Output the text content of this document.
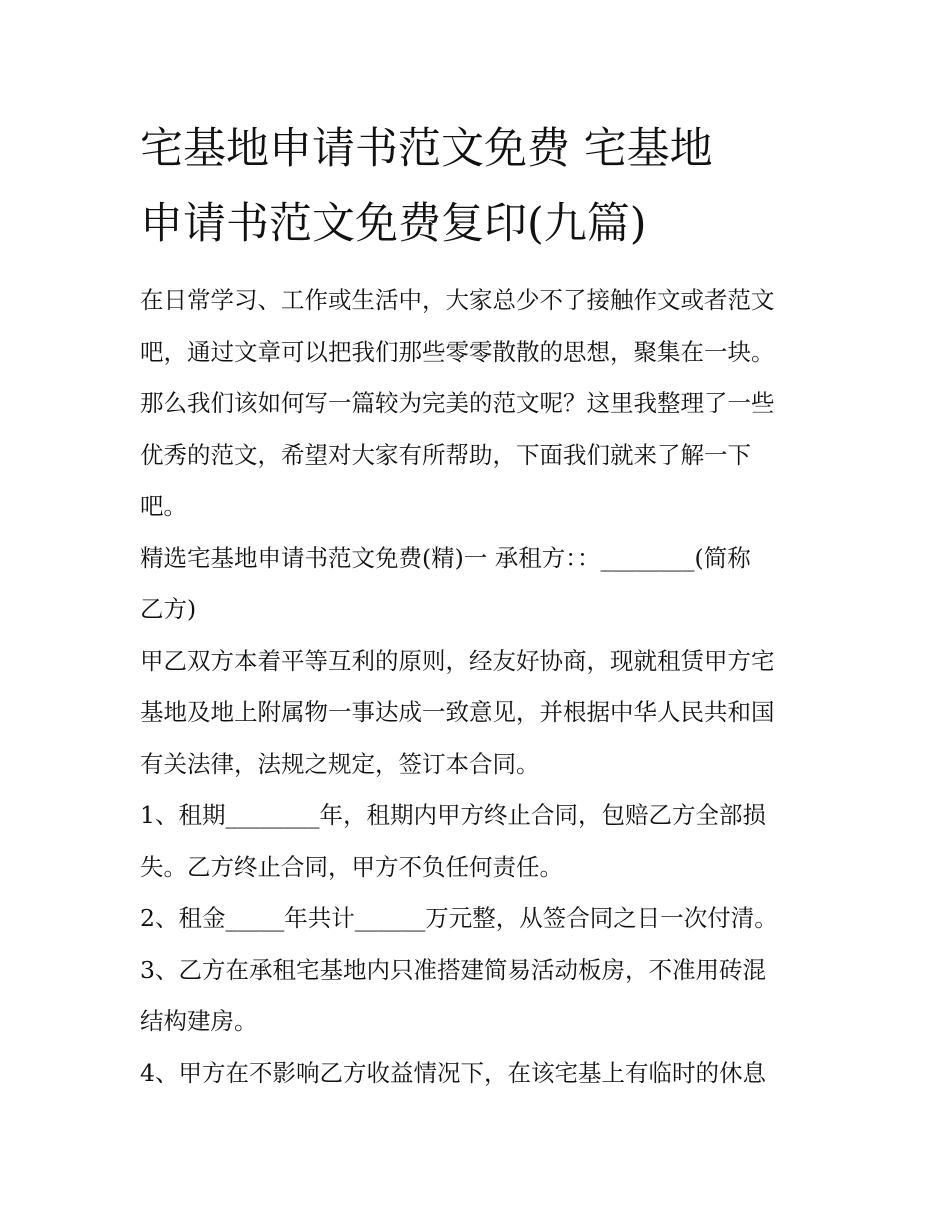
宅基地申请书范文免费 宅基地
申请书范文免费复印(九篇)
在日常学习、工作或生活中，大家总少不了接触作文或者范文
吧，通过文章可以把我们那些零零散散的思想，聚集在一块。
那么我们该如何写一篇较为完美的范文呢？这里我整理了一些
优秀的范文，希望对大家有所帮助，下面我们就来了解一下
吧。
精选宅基地申请书范文免费(精)一 承租方：：________(简称
乙方)
甲乙双方本着平等互利的原则，经友好协商，现就租赁甲方宅
基地及地上附属物一事达成一致意见，并根据中华人民共和国
有关法律，法规之规定，签订本合同。
1、租期________年，租期内甲方终止合同，包赔乙方全部损
失。乙方终止合同，甲方不负任何责任。
2、租金_____年共计______万元整，从签合同之日一次付清。
3、乙方在承租宅基地内只准搭建简易活动板房，不准用砖混
结构建房。
4、甲方在不影响乙方收益情况下，在该宅基上有临时的休息
